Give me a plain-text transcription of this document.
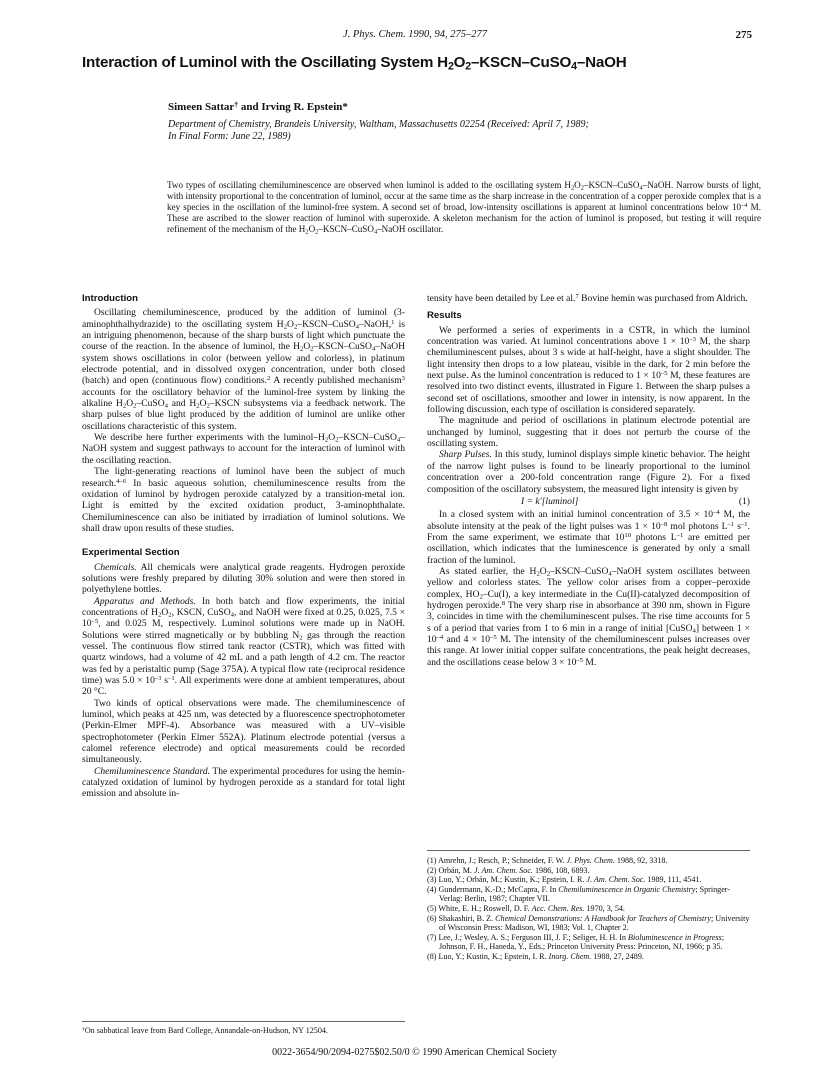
J. Phys. Chem. 1990, 94, 275–277	275
Interaction of Luminol with the Oscillating System $H_2O_2-KSCN-CuSO_4$–NaOH
Simeen Sattar† and Irving R. Epstein*
Department of Chemistry, Brandeis University, Waltham, Massachusetts 02254 (Received: April 7, 1989;
In Final Form: June 22, 1989)
Two types of oscillating chemiluminescence are observed when luminol is added to the oscillating system $H_2O_2-KSCN-CuSO_4$–NaOH. Narrow bursts of light, with intensity proportional to the concentration of luminol, occur at the same time as the sharp increase in the concentration of a copper peroxide complex that is a key species in the oscillation of the luminol-free system. A second set of broad, low-intensity oscillations is apparent at luminol concentrations below $10^{-4}$ M. These are ascribed to the slower reaction of luminol with superoxide. A skeleton mechanism for the action of luminol is proposed, but testing it will require refinement of the mechanism of the $H_2O_2-KSCN-CuSO_4$–NaOH oscillator.
Introduction

Oscillating chemiluminescence, produced by the addition of luminol (3-aminophthalhydrazide) to the oscillating system $H_2O_2-KSCN-CuSO_4-NaOH,^1$ is an intriguing phenomenon, because of the sharp bursts of light which punctuate the course of the reaction. In the absence of luminol, the $H_2O_2-KSCN-CuSO_4$–NaOH system shows oscillations in color (between yellow and colorless), in platinum electrode potential, and in dissolved oxygen concentration, under both closed (batch) and open (continuous flow) conditions.$^2$ A recently published mechanism$^3$ accounts for the oscillatory behavior of the luminol-free system by linking the alkaline $H_2O_2-CuSO_4$ and $H_2O_2$–KSCN subsystems via a feedback network. The sharp pulses of blue light produced by the addition of luminol are unlike other oscillations characteristic of this system.

We describe here further experiments with the luminol–$H_2O_2-KSCN-CuSO_4$–NaOH system and suggest pathways to account for the interaction of luminol with the oscillating reaction.

The light-generating reactions of luminol have been the subject of much research.$^{4-6}$ In basic aqueous solution, chemiluminescence results from the oxidation of luminol by hydrogen peroxide catalyzed by a transition-metal ion. Light is emitted by the excited oxidation product, 3-aminophthalate. Chemiluminescence can also be initiated by irradiation of luminol solutions. We shall draw upon results of these studies.

Experimental Section

Chemicals. All chemicals were analytical grade reagents. Hydrogen peroxide solutions were freshly prepared by diluting 30% solution and were then stored in polyethylene bottles.

Apparatus and Methods. In both batch and flow experiments, the initial concentrations of $H_2O_2$, KSCN, CuSO$_4$, and NaOH were fixed at 0.25, 0.025, $7.5 \times 10^{-5}$, and 0.025 M, respectively. Luminol solutions were made up in NaOH. Solutions were stirred magnetically or by bubbling $N_2$ gas through the reaction vessel. The continuous flow stirred tank reactor (CSTR), which was fitted with quartz windows, had a volume of 42 mL and a path length of 4.2 cm. The reactor was fed by a peristaltic pump (Sage 375A). A typical flow rate (reciprocal residence time) was $5.0 \times 10^{-3}$ $s^{-1}$. All experiments were done at ambient temperatures, about 20 °C.

Two kinds of optical observations were made. The chemiluminescence of luminol, which peaks at 425 nm, was detected by a fluorescence spectrophotometer (Perkin-Elmer MPF-4). Absorbance was measured with a UV–visible spectrophotometer (Perkin Elmer 552A). Platinum electrode potential (versus a calomel reference electrode) and optical measurements could be recorded simultaneously.

Chemiluminescence Standard. The experimental procedures for using the hemin-catalyzed oxidation of luminol by hydrogen peroxide as a standard for total light emission and absolute in-

tensity have been detailed by Lee et al.$^7$ Bovine hemin was purchased from Aldrich.

Results

We performed a series of experiments in a CSTR, in which the luminol concentration was varied. At luminol concentrations above $1 \times 10^{-3}$ M, the sharp chemiluminescent pulses, about 3 s wide at half-height, have a slight shoulder. The light intensity then drops to a low plateau, visible in the dark, for 2 min before the next pulse. As the luminol concentration is reduced to $1 \times 10^{-5}$ M, these features are resolved into two distinct events, illustrated in Figure 1. Between the sharp pulses a second set of oscillations, smoother and lower in intensity, is now apparent. In the following discussion, each type of oscillation is considered separately.

The magnitude and period of oscillations in platinum electrode potential are unchanged by luminol, suggesting that it does not perturb the course of the oscillating system.

Sharp Pulses. In this study, luminol displays simple kinetic behavior. The height of the narrow light pulses is found to be linearly proportional to the luminol concentration over a 200-fold concentration range (Figure 2). For a fixed composition of the oscillatory subsystem, the measured light intensity is given by

I = k′[luminol]	(1)

In a closed system with an initial luminol concentration of $3.5 \times 10^{-4}$ M, the absolute intensity at the peak of the light pulses was $1 \times 10^{-8}$ mol photons $L^{-1}$ $s^{-1}$. From the same experiment, we estimate that $10^{10}$ photons $L^{-1}$ are emitted per oscillation, which indicates that the luminescence is generated by only a small fraction of the luminol.

As stated earlier, the $H_2O_2-KSCN-CuSO_4$–NaOH system oscillates between yellow and colorless states. The yellow color arises from a copper–peroxide complex, $HO_2-Cu(I)$, a key intermediate in the Cu(II)-catalyzed decomposition of hydrogen peroxide.$^8$ The very sharp rise in absorbance at 390 nm, shown in Figure 3, coincides in time with the chemiluminescent pulses. The rise time accounts for 5 s of a period that varies from 1 to 6 min in a range of initial [CuSO$_4$] between $1 \times 10^{-4}$ and $4 \times 10^{-5}$ M. The intensity of the chemiluminescent pulses increases over this range. At lower initial copper sulfate concentrations, the peak height decreases, and the oscillations cease below $3 \times 10^{-5}$ M.

(1) Amrehn, J.; Resch, P.; Schneider, F. W. J. Phys. Chem. 1988, 92, 3318.
(2) Orbán, M. J. Am. Chem. Soc. 1986, 108, 6893.
(3) Luo, Y.; Orbán, M.; Kustin, K.; Epstein, I. R. J. Am. Chem. Soc. 1989, 111, 4541.
(4) Gundermann, K.-D.; McCapra, F. In Chemiluminescence in Organic Chemistry; Springer-Verlag: Berlin, 1987; Chapter VII.
(5) White, E. H.; Roswell, D. F. Acc. Chem. Res. 1970, 3, 54.
(6) Shakashiri, B. Z. Chemical Demonstrations: A Handbook for Teachers of Chemistry; University of Wisconsin Press: Madison, WI, 1983; Vol. 1, Chapter 2.
(7) Lee, J.; Wesley, A. S.; Ferguson III, J. F.; Seliger, H. H. In Bioluminescence in Progress; Johnson, F. H., Haneda, Y., Eds.; Princeton University Press: Princeton, NJ, 1966; p 35.
(8) Luo, Y.; Kustin, K.; Epstein, I. R. Inorg. Chem. 1988, 27, 2489.
†On sabbatical leave from Bard College, Annandale-on-Hudson, NY 12504.
0022-3654/90/2094-0275$02.50/0 © 1990 American Chemical Society
